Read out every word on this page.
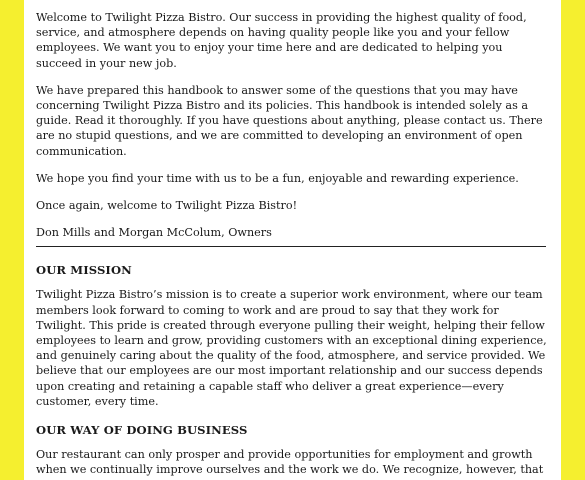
Welcome to Twilight Pizza Bistro. Our success in providing the highest quality of food, service, and atmosphere depends on having quality people like you and your fellow employees. We want you to enjoy your time here and are dedicated to helping you succeed in your new job.

We have prepared this handbook to answer some of the questions that you may have concerning Twilight Pizza Bistro and its policies. This handbook is intended solely as a guide. Read it thoroughly. If you have questions about anything, please contact us. There are no stupid questions, and we are committed to developing an environment of open communication.

We hope you find your time with us to be a fun, enjoyable and rewarding experience.

Once again, welcome to Twilight Pizza Bistro!

Don Mills and Morgan McColum, Owners

OUR MISSION

Twilight Pizza Bistro’s mission is to create a superior work environment, where our team members look forward to coming to work and are proud to say that they work for Twilight. This pride is created through everyone pulling their weight, helping their fellow employees to learn and grow, providing customers with an exceptional dining experience, and genuinely caring about the quality of the food, atmosphere, and service provided. We believe that our employees are our most important relationship and our success depends upon creating and retaining a capable staff who deliver a great experience—every customer, every time.

OUR WAY OF DOING BUSINESS

Our restaurant can only prosper and provide opportunities for employment and growth when we continually improve ourselves and the work we do. We recognize, however, that
